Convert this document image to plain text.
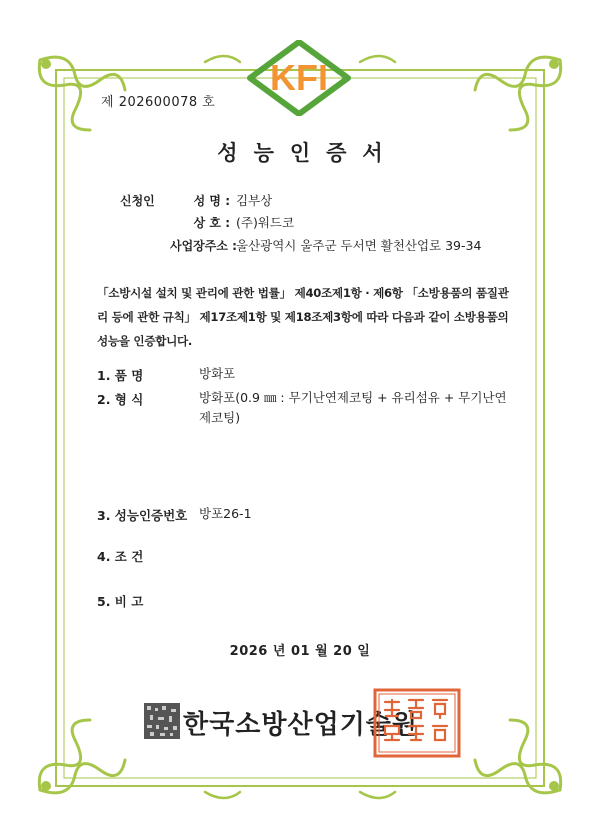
KFI
제 202600078 호
성능인증서
신청인	성 명 : 김부상
상 호 : (주)워드코
사업장주소 : 울산광역시 울주군 두서면 활천산업로 39-34
「소방시설 설치 및 관리에 관한 법률」 제40조제1항 · 제6항 「소방용품의 품질관리 등에 관한 규칙」 제17조제1항 및 제18조제3항에 따라 다음과 같이 소방용품의 성능을 인증합니다.
1. 품 명	방화포
2. 형 식	방화포(0.9 ㎜ : 무기난연제코팅 + 유리섬유 + 무기난연제코팅)
3. 성능인증번호 방포26-1
4. 조 건
5. 비 고
2026 년 01 월 20 일
한국소방산업기술원
